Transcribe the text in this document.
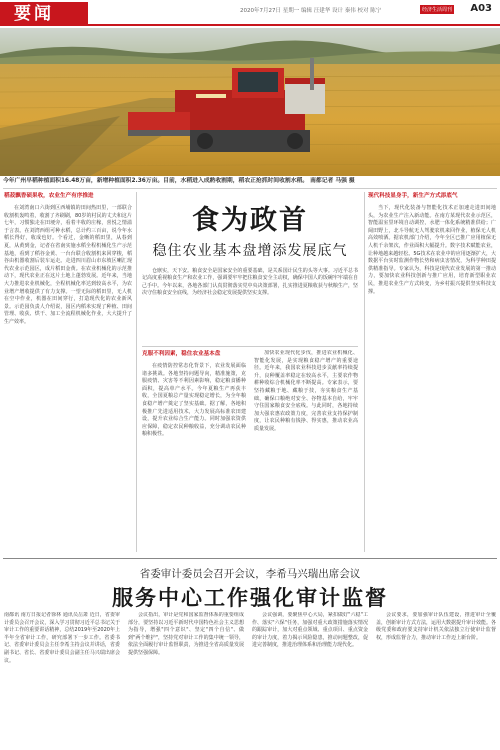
要闻	2020年7月27日 星期一 编辑 汪建华 设计 秦伟 校对 陈宁	经济生活周刊 A03
今年广州早稻种植面积16.48万亩，新增种植面积2.36万亩。目前，水稻进入成熟收割期，稻农正抢抓时间收割水稻。 南都记者 马强 摄
稻菽飘香硕果收，农业生产有序推进
在刘湾南口六街到区西埔镇的田间热田里，一部联合收割机轰鸣着，收割了齐刷刷，80岁的村民的丈夫和这片七年，习惯独走在田埂旁，看着丰收的庄稼，喜悦之情溢于言表。在刘湾西组可种水稻，总计约三百亩，说今年水稻长得好，收成也好。个看过，金晰的稻田里，从春到夏，从黄到金，记者在省南实施水稻全程机械化生产示范基地，看到了稻谷金黄、一台台联合收割机来回穿梭，稻谷由机器收割后装车运走。走进四川眉山市东坡区喇汇现代农业示范园区，成片稻田金黄。在农业机械化的示范推动下，现代农业正在这片土地上蓬勃发展。近年来，当地大力推进农业机械化，全程机械化率达到较高水平，为农业增产增收提供了有力支撑。一望无际的稻田里，无人机在空中作业，机器在田间穿行，打造现代化的农业新风景。示范园负责人介绍说，园区内稻米实现了种植、田间管理、收获、烘干、加工全流程机械化作业，大大提升了生产效率。
食为政首
稳住农业基本盘增添发展底气
仓廪实，天下安。粮食安全是国家安全的重要基础，是关系国计民生的头等大事。习近平总书记高度重视粮食生产和农业工作，强调要牢牢把住粮食安全主动权，确保中国人的饭碗牢牢端在自己手中。今年以来，各地各部门认真贯彻落实党中央决策部署，扎实推进夏粮收获与秋粮生产，坚决守住粮食安全底线，为经济社会稳定发展提供坚实支撑。
克服不利因素，稳住农业基本盘
在疫情防控常态化背景下，农业发展面临诸多挑战。各地坚持问题导向，精准施策，克服疫情、灾害等不利因素影响，稳定粮食播种面积，提高单产水平。今年夏粮生产再获丰收，全国夏粮总产量实现稳定增长，为全年粮食稳产增产奠定了坚实基础。据了解，各地积极推广先进适用技术，大力发展高标准农田建设，提升农业综合生产能力。同时加强农资供应保障，稳定农民种粮收益，充分调动农民种粮积极性。
加快农业现代化步伐，推进农业机械化、智能化发展，是实现粮食稳产增产的重要途径。近年来，我国农业科技进步贡献率持续提升，良种覆盖率稳定在较高水平，主要农作物耕种收综合机械化率不断提高。专家表示，要坚持藏粮于地、藏粮于技，夯实粮食生产基础，确保口粮绝对安全、谷物基本自给，牢牢守住国家粮食安全底线。与此同时，各地持续加大强农惠农政策力度，完善农业支持保护制度，让农民种粮有钱挣、得实惠，推动农业高质量发展。
现代科技显身手，新生产方式添底气
当下，现代化装备与智能化技术正加速走进田间地头，为农业生产注入新动能。在南方某现代农业示范区，智能温室里环境自动调控，水肥一体化系统精准供给；广阔田野上，北斗导航无人驾驶农机来回作业，植保无人机高效喷洒。据农机部门介绍，今年全区已推广应用植保无人机千余架次，作业面积大幅提升。数字技术赋能农业，让种地越来越轻松。5G技术在农业中的应用逐渐扩大，大数据平台实时监测作物长势和病虫害情况，为科学种田提供精准指导。专家认为，科技是现代农业发展的第一推动力，要加快农业科技创新与推广应用，培育新型职业农民，推进农业生产方式转变，为乡村振兴提供坚实科技支撑。
省委审计委员会召开会议，李希马兴瑞出席会议
服务中心工作强化审计监督
南都讯 南方日报记者徐林 通讯员岳萧 近日，省委审计委员会召开会议，深入学习贯彻习近平总书记关于审计工作的重要讲话精神，总结2019年至2020年上半年全省审计工作，研究部署下一步工作。省委书记、省委审计委员会主任李希主持会议并讲话，省委副书记、省长、省委审计委员会副主任马兴瑞出席会议。
会议指出，审计是党和国家监督体系的重要组成部分，要坚持以习近平新时代中国特色社会主义思想为指导，增强"四个意识"、坚定"四个自信"、做到"两个维护"，坚持党对审计工作的集中统一领导，依法全面履行审计监督职责，为推进全省高质量发展提供坚强保障。
会议强调，要聚焦中心大局，紧扣做好"六稳"工作、落实"六保"任务，加强对重大政策措施落实情况的跟踪审计，加大对重点领域、重点项目、重点资金的审计力度，着力揭示风险隐患，推动问题整改，促进完善制度，推进治理体系和治理能力现代化。
会议要求，要加强审计队伍建设，推进审计全覆盖，创新审计方式方法，运用大数据提升审计效能。各级党委和政府要支持审计机关依法独立行使审计监督权，形成监督合力，推动审计工作迈上新台阶。
